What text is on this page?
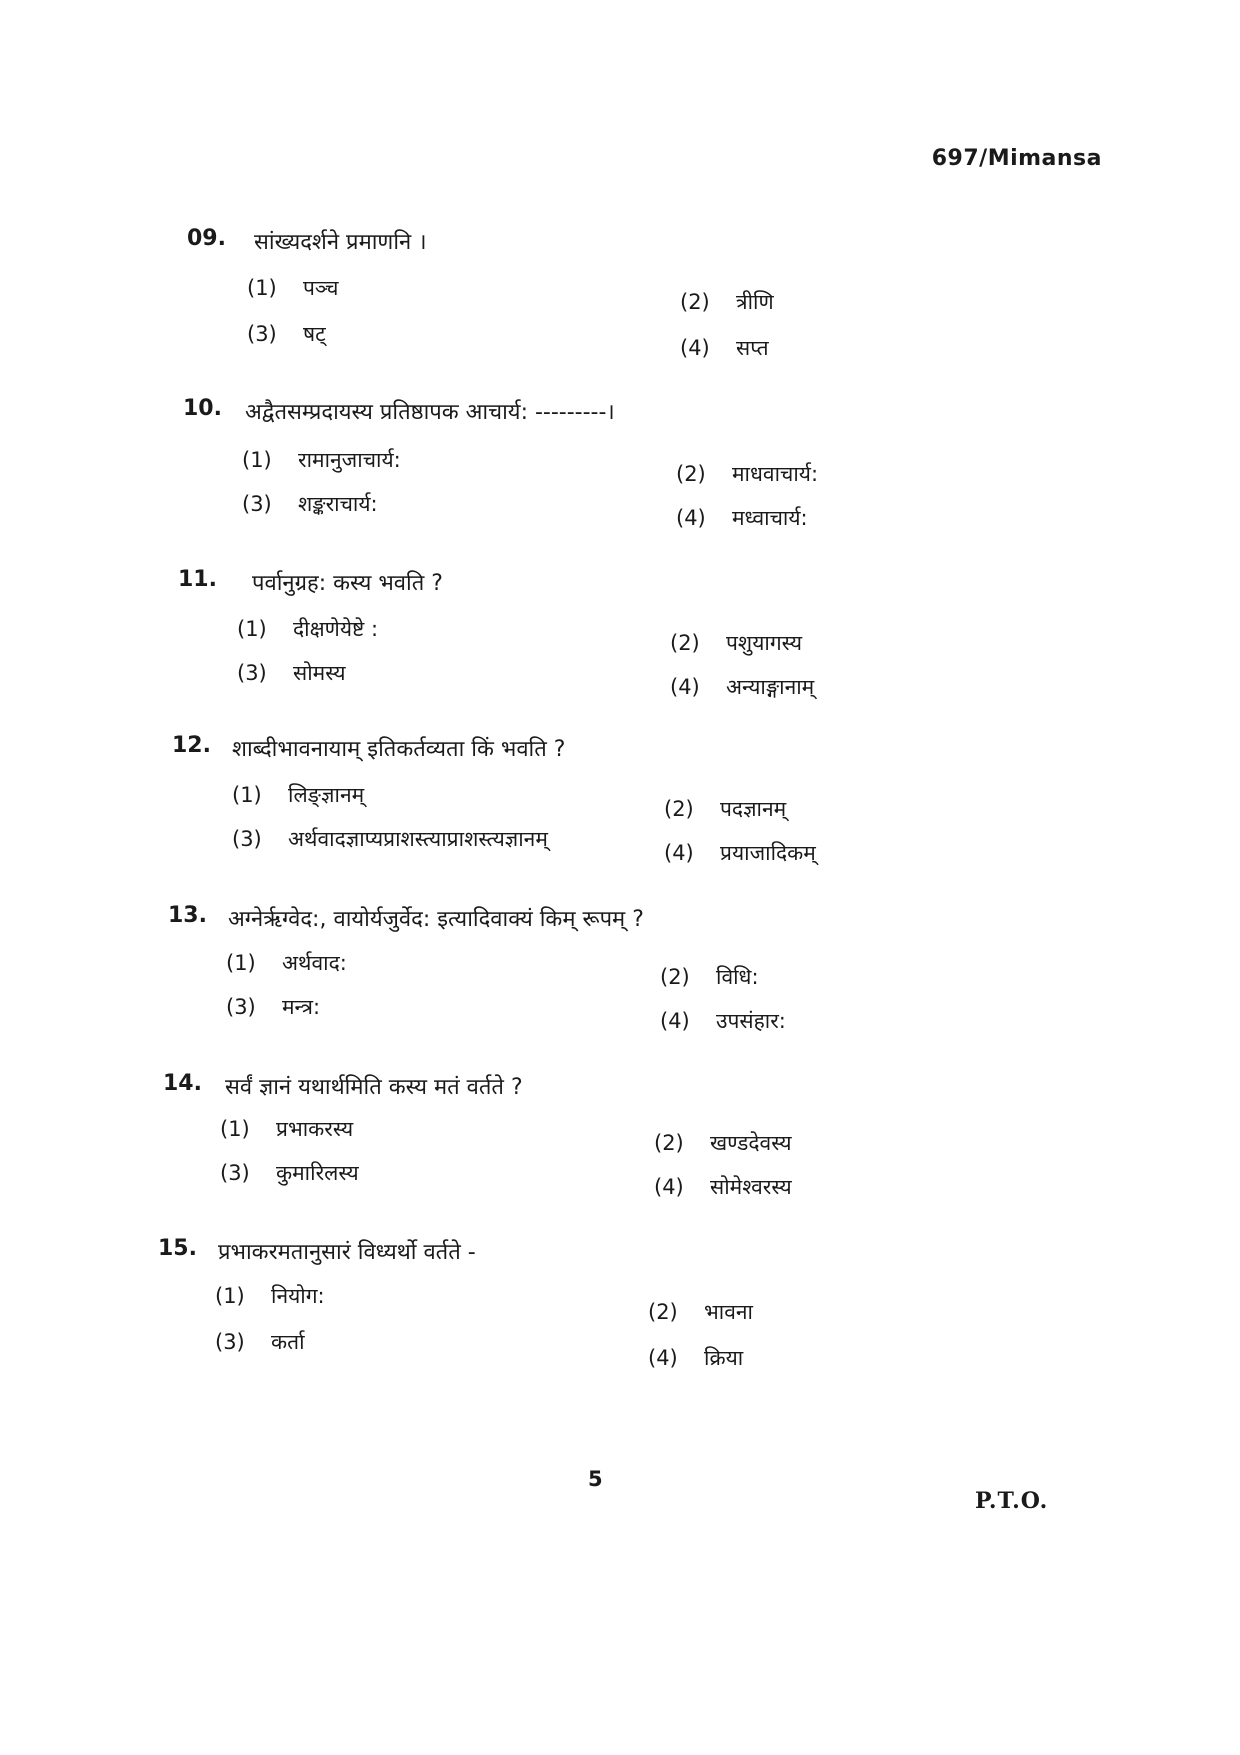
697/Mimansa
09. सांख्यदर्शने प्रमाणनि ।
(1) पञ्च
(2) त्रीणि
(3) षट्
(4) सप्त
10. अद्वैतसम्प्रदायस्य प्रतिष्ठापक आचार्य: ---------।
(1) रामानुजाचार्य:
(2) माधवाचार्य:
(3) शङ्कराचार्य:
(4) मध्वाचार्य:
11. पर्वानुग्रह: कस्य भवति ?
(1) दीक्षणेयेष्टे :
(2) पशुयागस्य
(3) सोमस्य
(4) अन्याङ्गानाम्
12. शाब्दीभावनायाम् इतिकर्तव्यता किं भवति ?
(1) लिङ्ज्ञानम्
(2) पदज्ञानम्
(3) अर्थवादज्ञाप्यप्राशस्त्याप्राशस्त्यज्ञानम्
(4) प्रयाजादिकम्
13. अग्नेर्ऋग्वेद:, वायोर्यजुर्वेद: इत्यादिवाक्यं किम् रूपम् ?
(1) अर्थवाद:
(2) विधि:
(3) मन्त्र:
(4) उपसंहार:
14. सर्वं ज्ञानं यथार्थमिति कस्य मतं वर्तते ?
(1) प्रभाकरस्य
(2) खण्डदेवस्य
(3) कुमारिलस्य
(4) सोमेश्वरस्य
15. प्रभाकरमतानुसारं विध्यर्थो वर्तते -
(1) नियोग:
(2) भावना
(3) कर्ता
(4) क्रिया
5
P.T.O.
